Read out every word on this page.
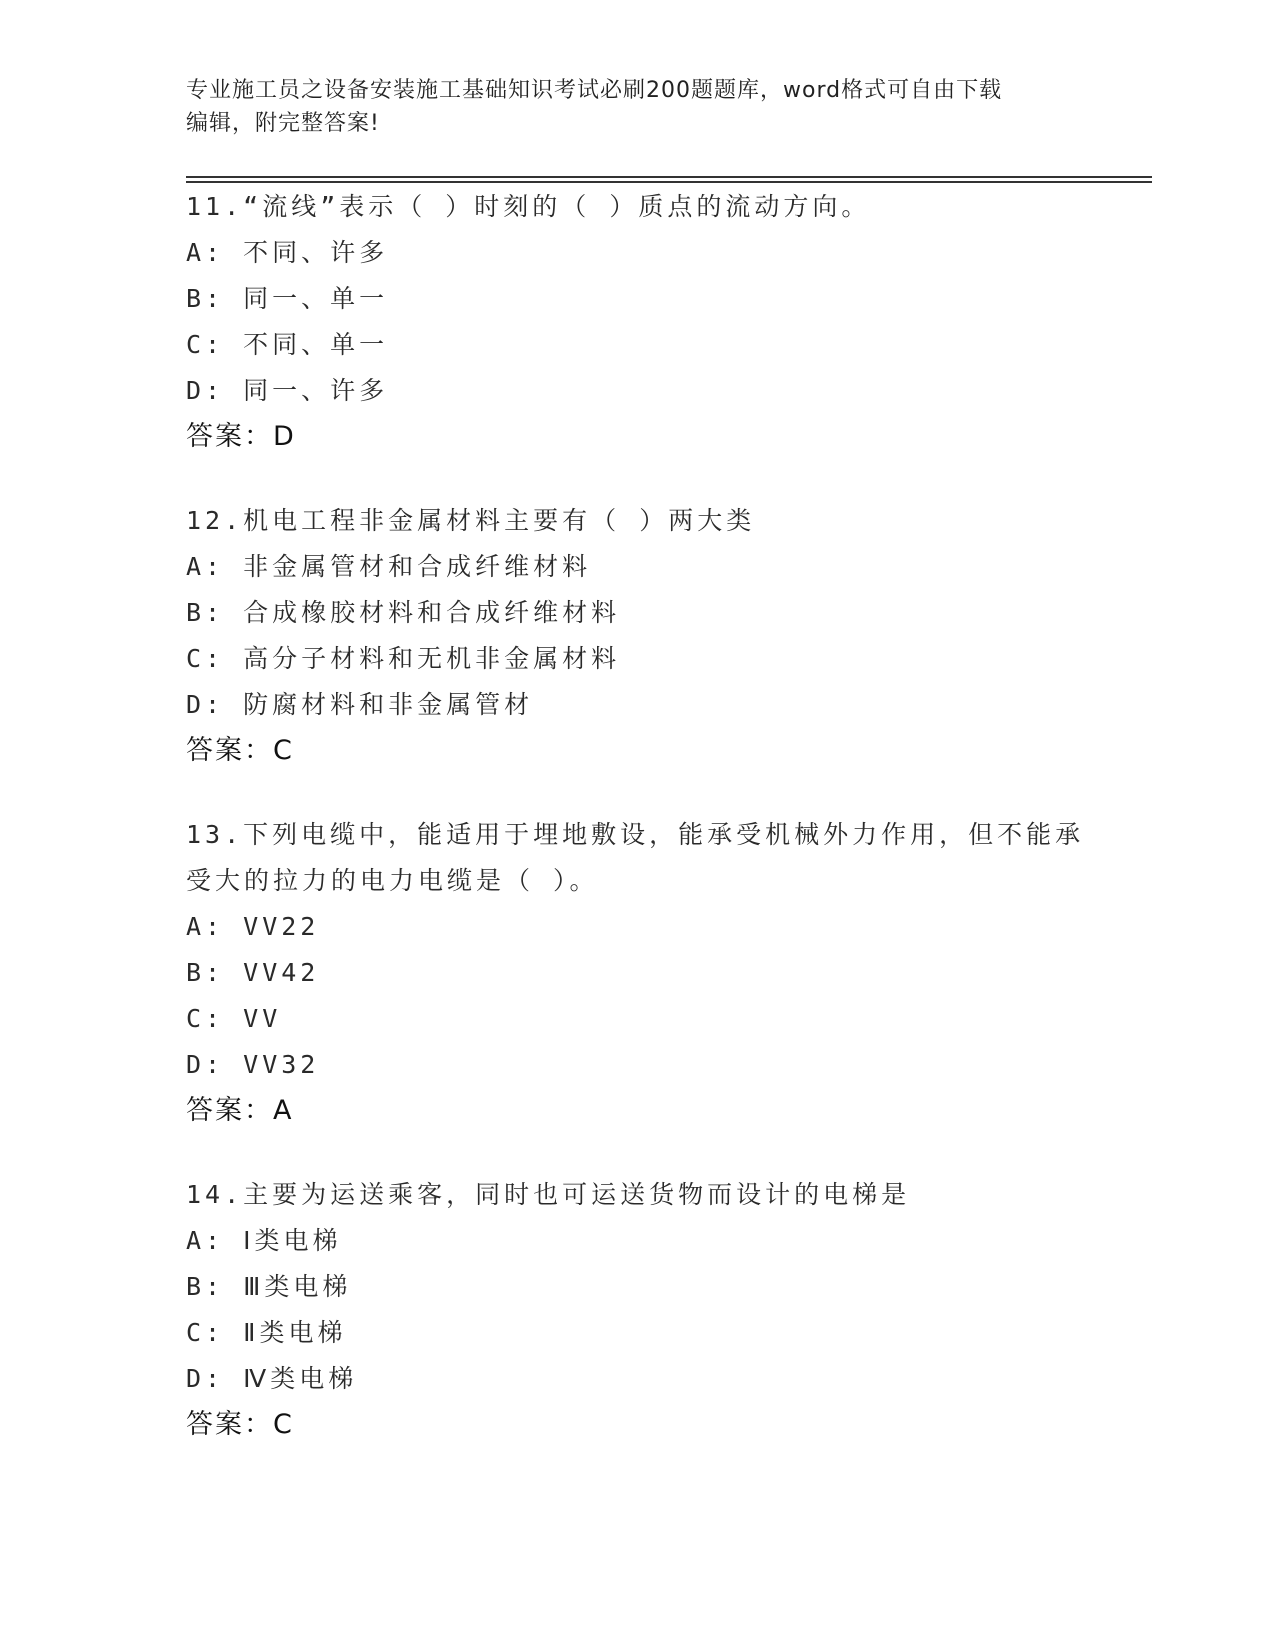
专业施工员之设备安装施工基础知识考试必刷200题题库，word格式可自由下载
编辑，附完整答案!
11.“流线”表示（ ）时刻的（ ）质点的流动方向。
A: 不同、许多
B: 同一、单一
C: 不同、单一
D: 同一、许多
答案：D
12.机电工程非金属材料主要有（ ）两大类
A: 非金属管材和合成纤维材料
B: 合成橡胶材料和合成纤维材料
C: 高分子材料和无机非金属材料
D: 防腐材料和非金属管材
答案：C
13.下列电缆中，能适用于埋地敷设，能承受机械外力作用，但不能承
受大的拉力的电力电缆是（ ）。
A: VV22
B: VV42
C: VV
D: VV32
答案：A
14.主要为运送乘客，同时也可运送货物而设计的电梯是
A: Ⅰ类电梯
B: Ⅲ类电梯
C: Ⅱ类电梯
D: Ⅳ类电梯
答案：C
